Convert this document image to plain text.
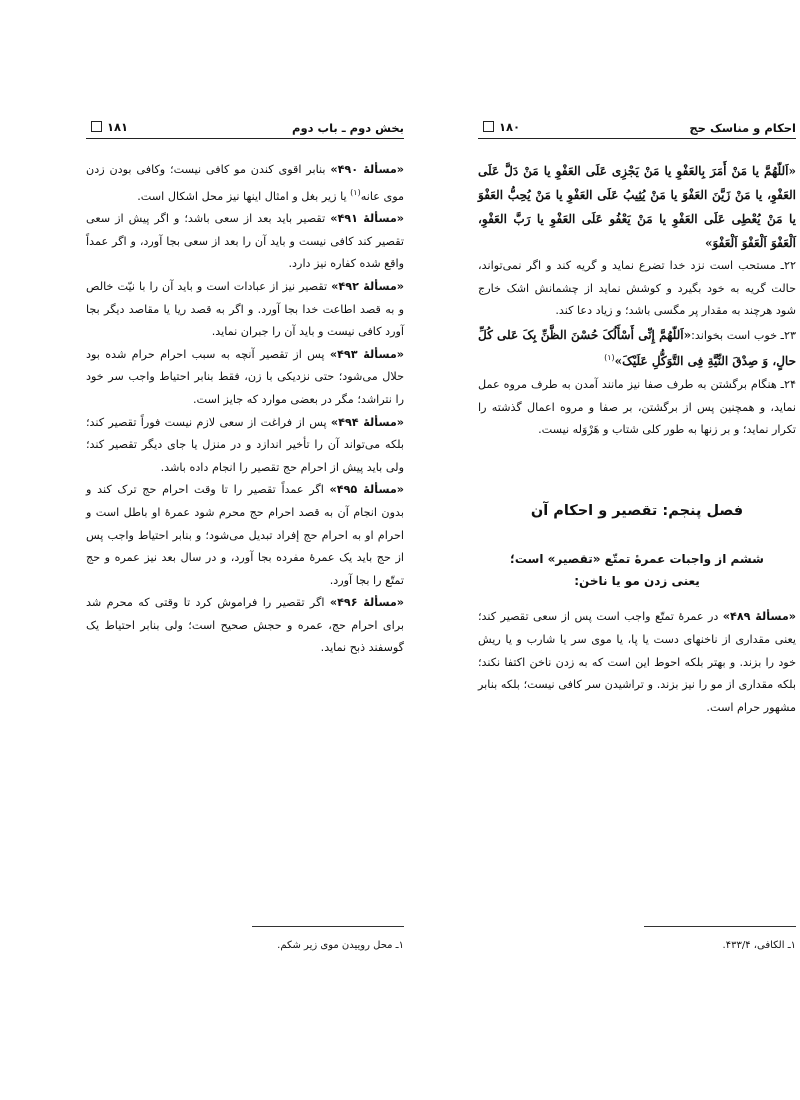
احکام و مناسک حج
۱۸۰

«اَللّهُمَّ یا مَنْ أَمَرَ بِالعَفْوِ یا مَنْ یَجْزِی عَلَی العَفْوِ یا مَنْ دَلَّ عَلَی العَفْوِ، یا مَنْ زَیَّنَ العَفْوَ یا مَنْ یُثِیبُ عَلَی العَفْوِ یا مَنْ یُحِبُّ العَفْوَ یا مَنْ یُعْطِی عَلَی العَفْوِ یا مَنْ یَعْفُو عَلَی العَفْوِ یا رَبَّ العَفْوِ، اَلْعَفْوَ اَلْعَفْوَ اَلْعَفْوَ»

۲۲ـ مستحب است نزد خدا تضرع نماید و گریه کند و اگر نمی‌تواند، حالت گریه به خود بگیرد و کوشش نماید از چشمانش اشک خارج شود هرچند به مقدار پر مگسی باشد؛ و زیاد دعا کند.

۲۳ـ خوب است بخواند:«اَللّهُمَّ إِنِّی أَسْأَلُکَ حُسْنَ الظَّنِّ بِکَ عَلی کُلِّ حالٍ، وَ صِدْقَ النِّیَّةِ فِی التَّوَکُّلِ عَلَیْکَ»$^{(۱)}$

۲۴ـ هنگام برگشتن به طرف صفا نیز مانند آمدن به طرف مروه عمل نماید، و همچنین پس از برگشتن، بر صفا و مروه اعمال گذشته را تکرار نماید؛ و بر زنها به طور کلی شتاب و هَرْوَله نیست.

فصل پنجم: تقصیر و احکام آن
ششم از واجبات عمرهٔ تمتّع «تقصیر» است؛
یعنی زدن مو یا ناخن:

«مسألهٔ ۴۸۹» در عمرهٔ تمتّع واجب است پس از سعی تقصیر کند؛ یعنی مقداری از ناخنهای دست یا پا، یا موی سر یا شارب و یا ریش خود را بزند. و بهتر بلکه احوط این است که به زدن ناخن اکتفا نکند؛ بلکه مقداری از مو را نیز بزند. و تراشیدن سر کافی نیست؛ بلکه بنابر مشهور حرام است.

۱ـ الکافی، ۴۳۳/۴.
بخش دوم ـ باب دوم
۱۸۱

«مسألهٔ ۴۹۰» بنابر اقوی کندن مو کافی نیست؛ وکافی بودن زدن موی عانه$^{(۱)}$ یا زیر بغل و امثال اینها نیز محل اشکال است.

«مسألهٔ ۴۹۱» تقصیر باید بعد از سعی باشد؛ و اگر پیش از سعی تقصیر کند کافی نیست و باید آن را بعد از سعی بجا آورد، و اگر عمداً واقع شده کفاره نیز دارد.

«مسألهٔ ۴۹۲» تقصیر نیز از عبادات است و باید آن را با نیّت خالص و به قصد اطاعت خدا بجا آورد. و اگر به قصد ریا یا مقاصد دیگر بجا آورد کافی نیست و باید آن را جبران نماید.

«مسألهٔ ۴۹۳» پس از تقصیر آنچه به سبب احرام حرام شده بود حلال می‌شود؛ حتی نزدیکی با زن، فقط بنابر احتیاط واجب سر خود را نتراشد؛ مگر در بعضی موارد که جایز است.

«مسألهٔ ۴۹۴» پس از فراغت از سعی لازم نیست فوراً تقصیر کند؛ بلکه می‌تواند آن را تأخیر اندازد و در منزل یا جای دیگر تقصیر کند؛ ولی باید پیش از احرام حج تقصیر را انجام داده باشد.

«مسألهٔ ۴۹۵» اگر عمداً تقصیر را تا وقت احرام حج ترک کند و بدون انجام آن به قصد احرام حج محرم شود عمرهٔ او باطل است و احرام او به احرام حج إفراد تبدیل می‌شود؛ و بنابر احتیاط واجب پس از حج باید یک عمرهٔ مفرده بجا آورد، و در سال بعد نیز عمره و حج تمتّع را بجا آورد.

«مسألهٔ ۴۹۶» اگر تقصیر را فراموش کرد تا وقتی که محرم شد برای احرام حج، عمره و حجش صحیح است؛ ولی بنابر احتیاط یک گوسفند ذبح نماید.

۱ـ محل روییدن موی زیر شکم.
